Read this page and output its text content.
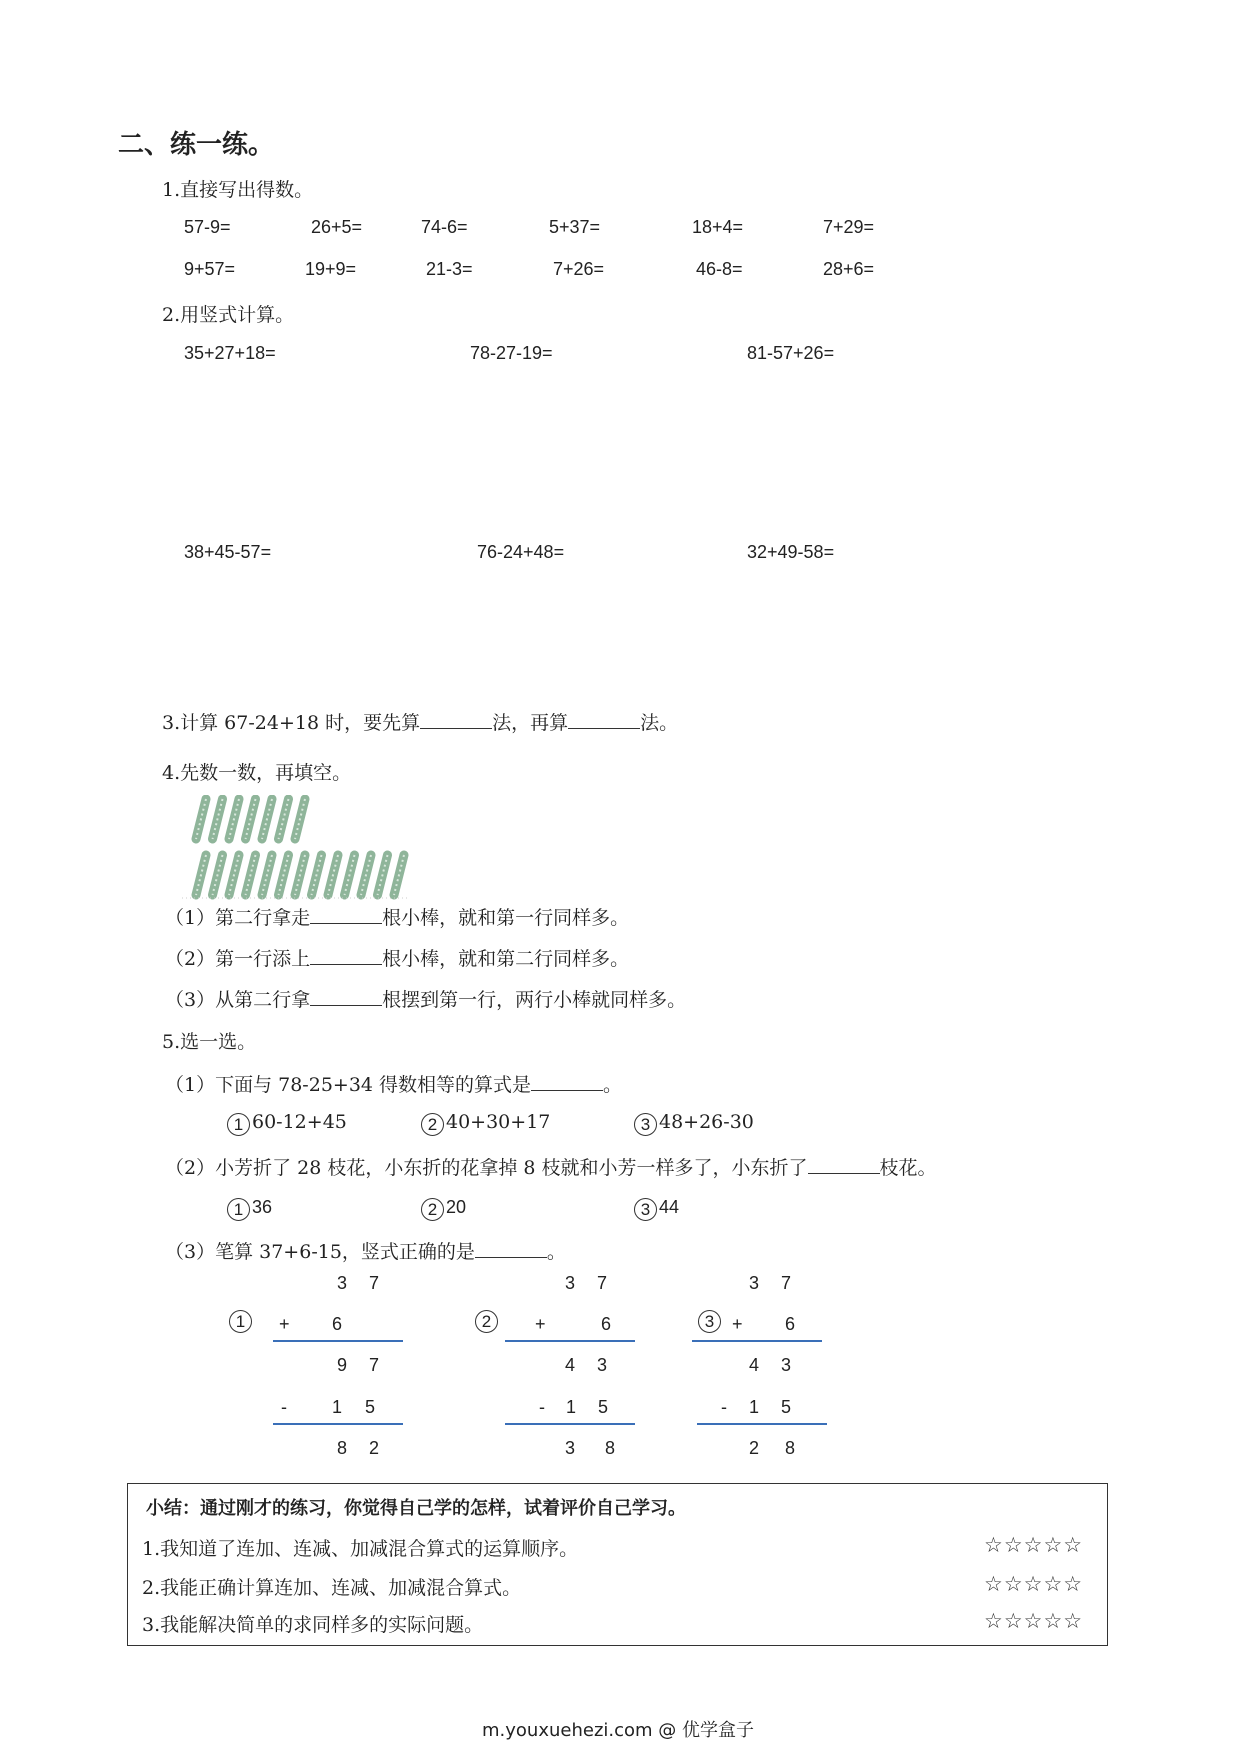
二、练一练。
1.直接写出得数。
57-9=	26+5=	74-6=	5+37=	18+4=	7+29=
9+57=	19+9=	21-3=	7+26=	46-8=	28+6=
2.用竖式计算。
35+27+18=	78-27-19=	81-57+26=
38+45-57=	76-24+48=	32+49-58=
3.计算 67-24+18 时，要先算	法，再算	法。
4.先数一数，再填空。
（1）第二行拿走	根小棒，就和第一行同样多。
（2）第一行添上	根小棒，就和第二行同样多。
（3）从第二行拿	根摆到第一行，两行小棒就同样多。
5.选一选。
（1）下面与 78-25+34 得数相等的算式是	。
1 60-12+45	2 40+30+17	3 48+26-30
（2）小芳折了 28 枝花，小东折的花拿掉 8 枝就和小芳一样多了，小东折了	枝花。
1 36	2 20	3 44
（3）笔算 37+6-15，竖式正确的是	。
1
3 7
+ 6
9 7
-	1 5
8 2
2
3 7
+	6
4 3
- 1 5
3 8
3
3 7
+ 6
4 3
- 1 5
2 8
小结：通过刚才的练习，你觉得自己学的怎样，试着评价自己学习。
1.我知道了连加、连减、加减混合算式的运算顺序。	☆☆☆☆☆
2.我能正确计算连加、连减、加减混合算式。	☆☆☆☆☆
3.我能解决简单的求同样多的实际问题。	☆☆☆☆☆
m.youxuehezi.com @ 优学盒子
